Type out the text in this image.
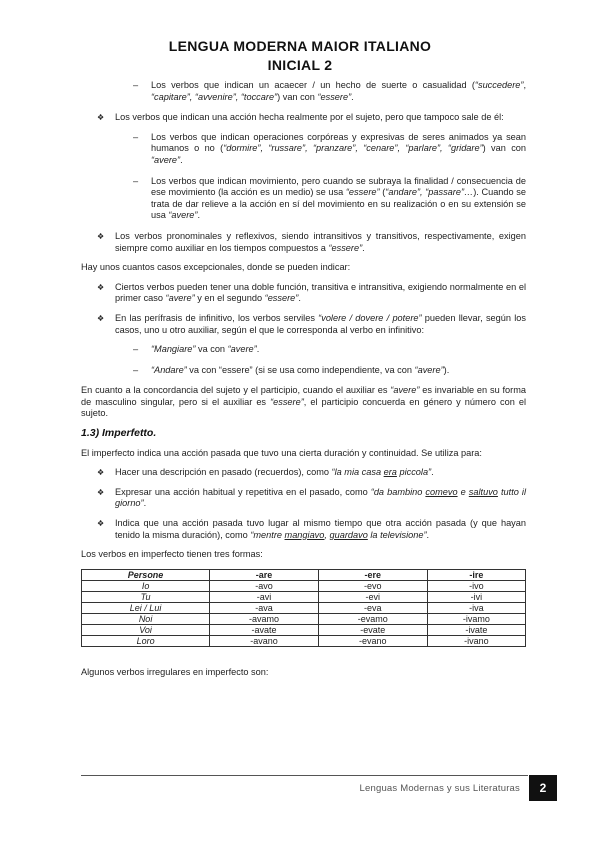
LENGUA MODERNA MAIOR ITALIANO
INICIAL 2

– Los verbos que indican un acaecer / un hecho de suerte o casualidad (“succedere”, “capitare”, “avvenire”, “toccare”) van con “essere”.

❖ Los verbos que indican una acción hecha realmente por el sujeto, pero que tampoco sale de él:

– Los verbos que indican operaciones corpóreas y expresivas de seres animados ya sean humanos o no (“dormire”, “russare”, “pranzare”, “cenare”, “parlare”, “gridare”) van con “avere”.

– Los verbos que indican movimiento, pero cuando se subraya la finalidad / consecuencia de ese movimiento (la acción es un medio) se usa “essere” (“andare”, “passare”…). Cuando se trata de dar relieve a la acción en sí del movimiento en su realización o en su extensión se usa “avere”.

❖ Los verbos pronominales y reflexivos, siendo intransitivos y transitivos, respectivamente, exigen siempre como auxiliar en los tiempos compuestos a “essere”.

Hay unos cuantos casos excepcionales, donde se pueden indicar:

❖ Ciertos verbos pueden tener una doble función, transitiva e intransitiva, exigiendo normalmente en el primer caso “avere” y en el segundo “essere”.

❖ En las perífrasis de infinitivo, los verbos serviles “volere / dovere / potere” pueden llevar, según los casos, uno u otro auxiliar, según el que le corresponda al verbo en infinitivo:

– “Mangiare” va con “avere”.

– “Andare” va con “essere” (si se usa como independiente, va con “avere”).

En cuanto a la concordancia del sujeto y el participio, cuando el auxiliar es “avere” es invariable en su forma de masculino singular, pero si el auxiliar es “essere”, el participio concuerda en género y número con el sujeto.

1.3) Imperfetto.

El imperfecto indica una acción pasada que tuvo una cierta duración y continuidad. Se utiliza para:

❖ Hacer una descripción en pasado (recuerdos), como “la mia casa era piccola”.

❖ Expresar una acción habitual y repetitiva en el pasado, como “da bambino comevo e saltuvo tutto il giorno”.

❖ Indica que una acción pasada tuvo lugar al mismo tiempo que otra acción pasada (y que hayan tenido la misma duración), como “mentre mangiavo, guardavo la televisione”.

Los verbos en imperfecto tienen tres formas:

Persone	-are	-ere	-ire
Io	-avo	-evo	-ivo
Tu	-avi	-evi	-ivi
Lei / Lui	-ava	-eva	-iva
Noi	-avamo	-evamo	-ivamo
Voi	-avate	-evate	-ivate
Loro	-avano	-evano	-ivano

Algunos verbos irregulares en imperfecto son:

Lenguas Modernas y sus Literaturas	2
